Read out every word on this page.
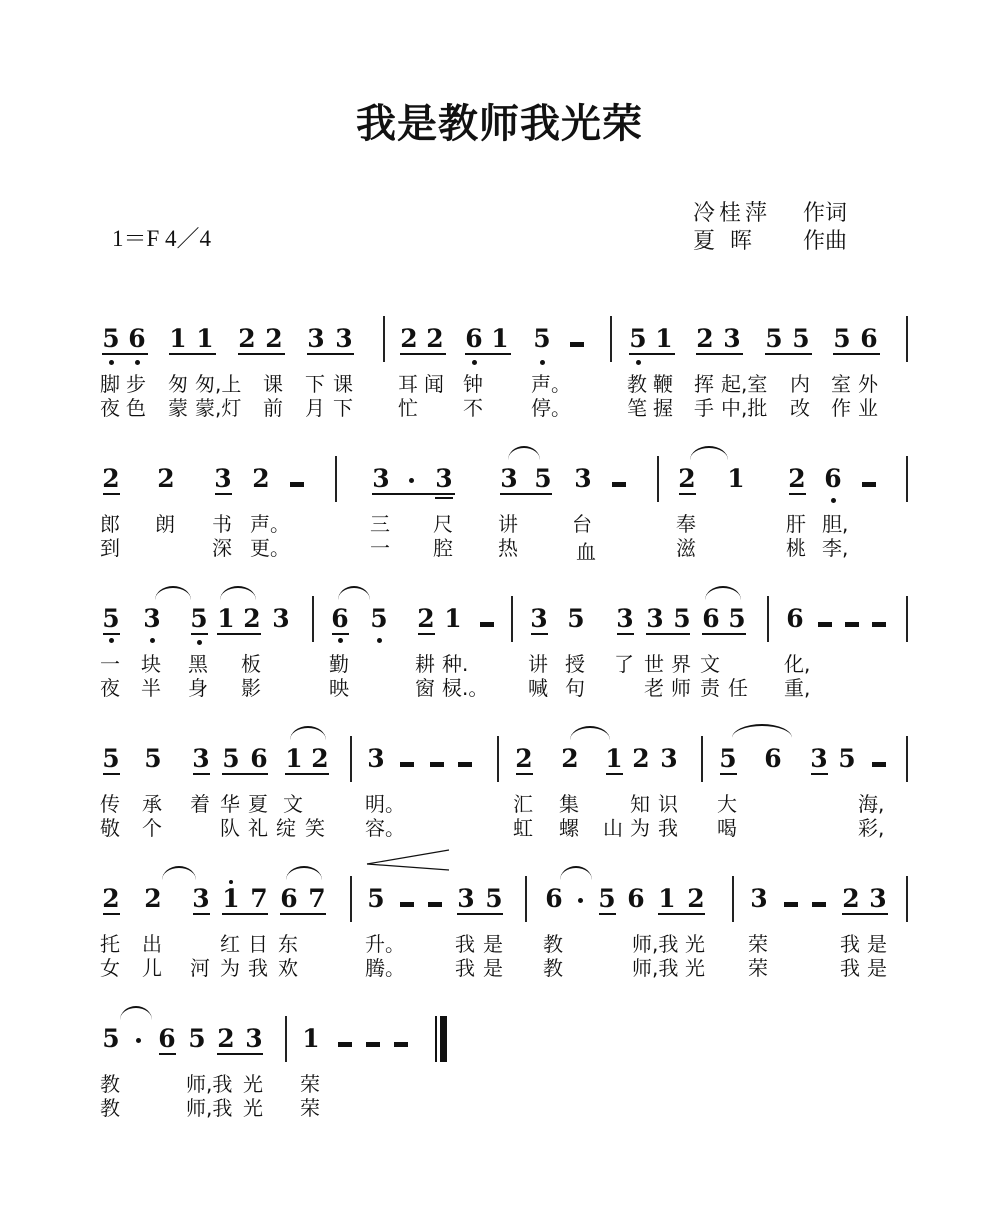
我是教师我光荣
1＝F 4／4
冷桂萍 作词
夏 晖 作曲
5 6 1 1 2 2 3 3 2 2 6 1 5	5 1 2 3 5 5 5 6
脚 步 匆 匆,上 课 下 课 耳 闻 钟 声。	教 鞭 挥 起,室 内 室 外
夜 色 蒙 蒙,灯 前 月 下 忙 不 停。	笔 握 手 中,批 改 作 业
2 2 3 2	3 3 3 5 3	2 1 2 6
郎 朗 书 声。	三 尺 讲	台	奉	肝 胆,
到	深 更。	一 腔 热	血	滋	桃 李,
5 3 5 1 2 3 6 5 2 1	3 5 3 3 5 6 5 6
一 块 黑 板	勤	耕 种.	讲 授 了 世 界 文	化,
夜 半 身 影	映	窗 棂.。 喊 句	老 师 责 任 重,
5 5 3 5 6 1 2 3	2 2 1 2 3 5 6 3 5
传 承 着 华 夏 文	明。	汇 集	知 识 大	海,
敬 个	队 礼 绽 笑 容。	虹 螺 山 为 我 喝	彩,
2 2 3 1 7 6 7 5	3 5 6 5 6 1 2 3	2 3
托 出	红 日 东	升。	我 是 教	师,我 光 荣	我 是
女 儿 河 为 我 欢	腾。	我 是 教	师,我 光 荣	我 是
5 6 5 2 3 1
教	师,我 光 荣
教	师,我 光 荣
